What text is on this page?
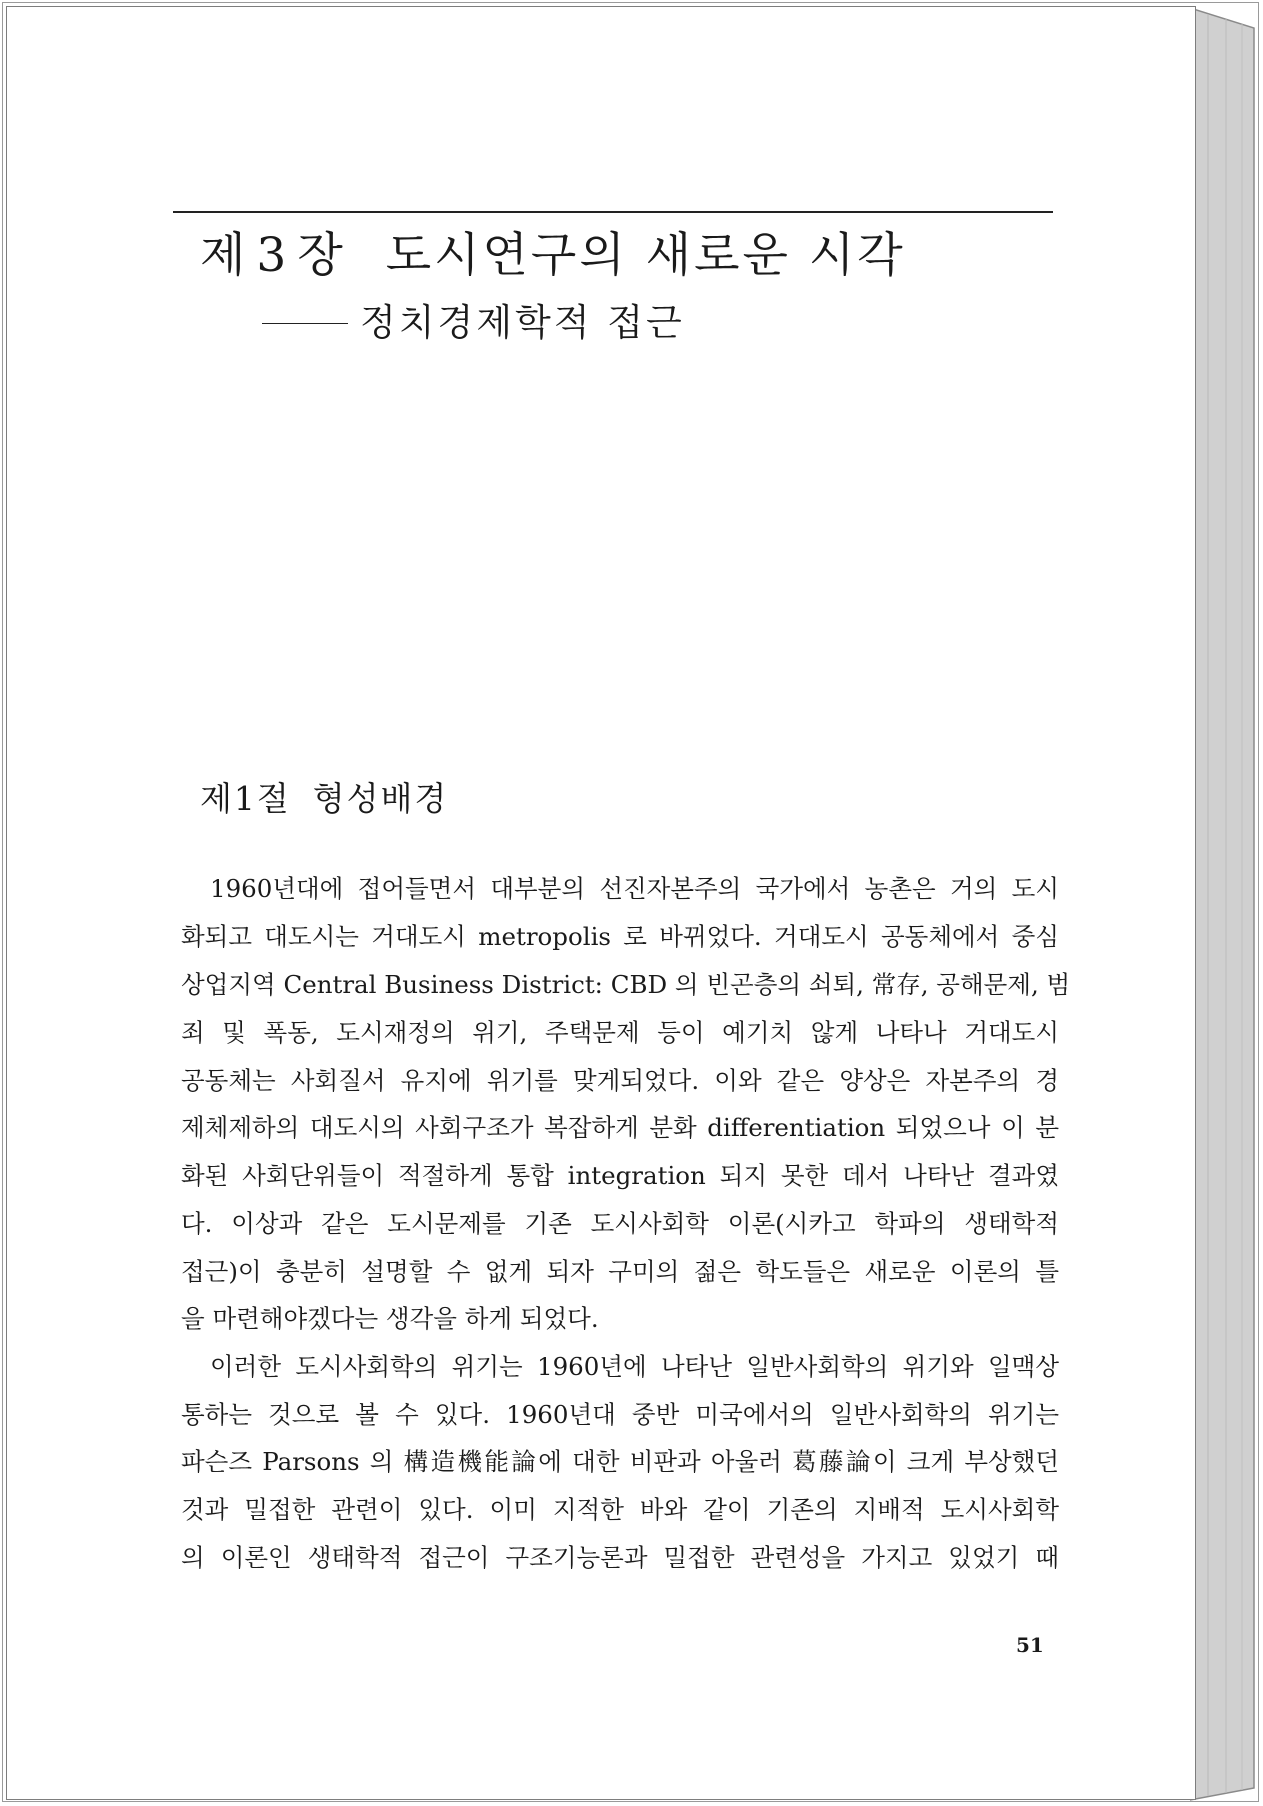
제 3 장 도시연구의 새로운 시각
정치경제학적 접근
제1절 형성배경
1960년대에 접어들면서 대부분의 선진자본주의 국가에서 농촌은 거의 도시
화되고 대도시는 거대도시 metropolis 로 바뀌었다. 거대도시 공동체에서 중심
상업지역 Central Business District: CBD 의 빈곤층의 쇠퇴, 常存, 공해문제, 범
죄 및 폭동, 도시재정의 위기, 주택문제 등이 예기치 않게 나타나 거대도시
공동체는 사회질서 유지에 위기를 맞게되었다. 이와 같은 양상은 자본주의 경
제체제하의 대도시의 사회구조가 복잡하게 분화 differentiation 되었으나 이 분
화된 사회단위들이 적절하게 통합 integration 되지 못한 데서 나타난 결과였
다. 이상과 같은 도시문제를 기존 도시사회학 이론(시카고 학파의 생태학적
접근)이 충분히 설명할 수 없게 되자 구미의 젊은 학도들은 새로운 이론의 틀
을 마련해야겠다는 생각을 하게 되었다.
이러한 도시사회학의 위기는 1960년에 나타난 일반사회학의 위기와 일맥상
통하는 것으로 볼 수 있다. 1960년대 중반 미국에서의 일반사회학의 위기는
파슨즈 Parsons 의 構造機能論에 대한 비판과 아울러 葛藤論이 크게 부상했던
것과 밀접한 관련이 있다. 이미 지적한 바와 같이 기존의 지배적 도시사회학
의 이론인 생태학적 접근이 구조기능론과 밀접한 관련성을 가지고 있었기 때
51
